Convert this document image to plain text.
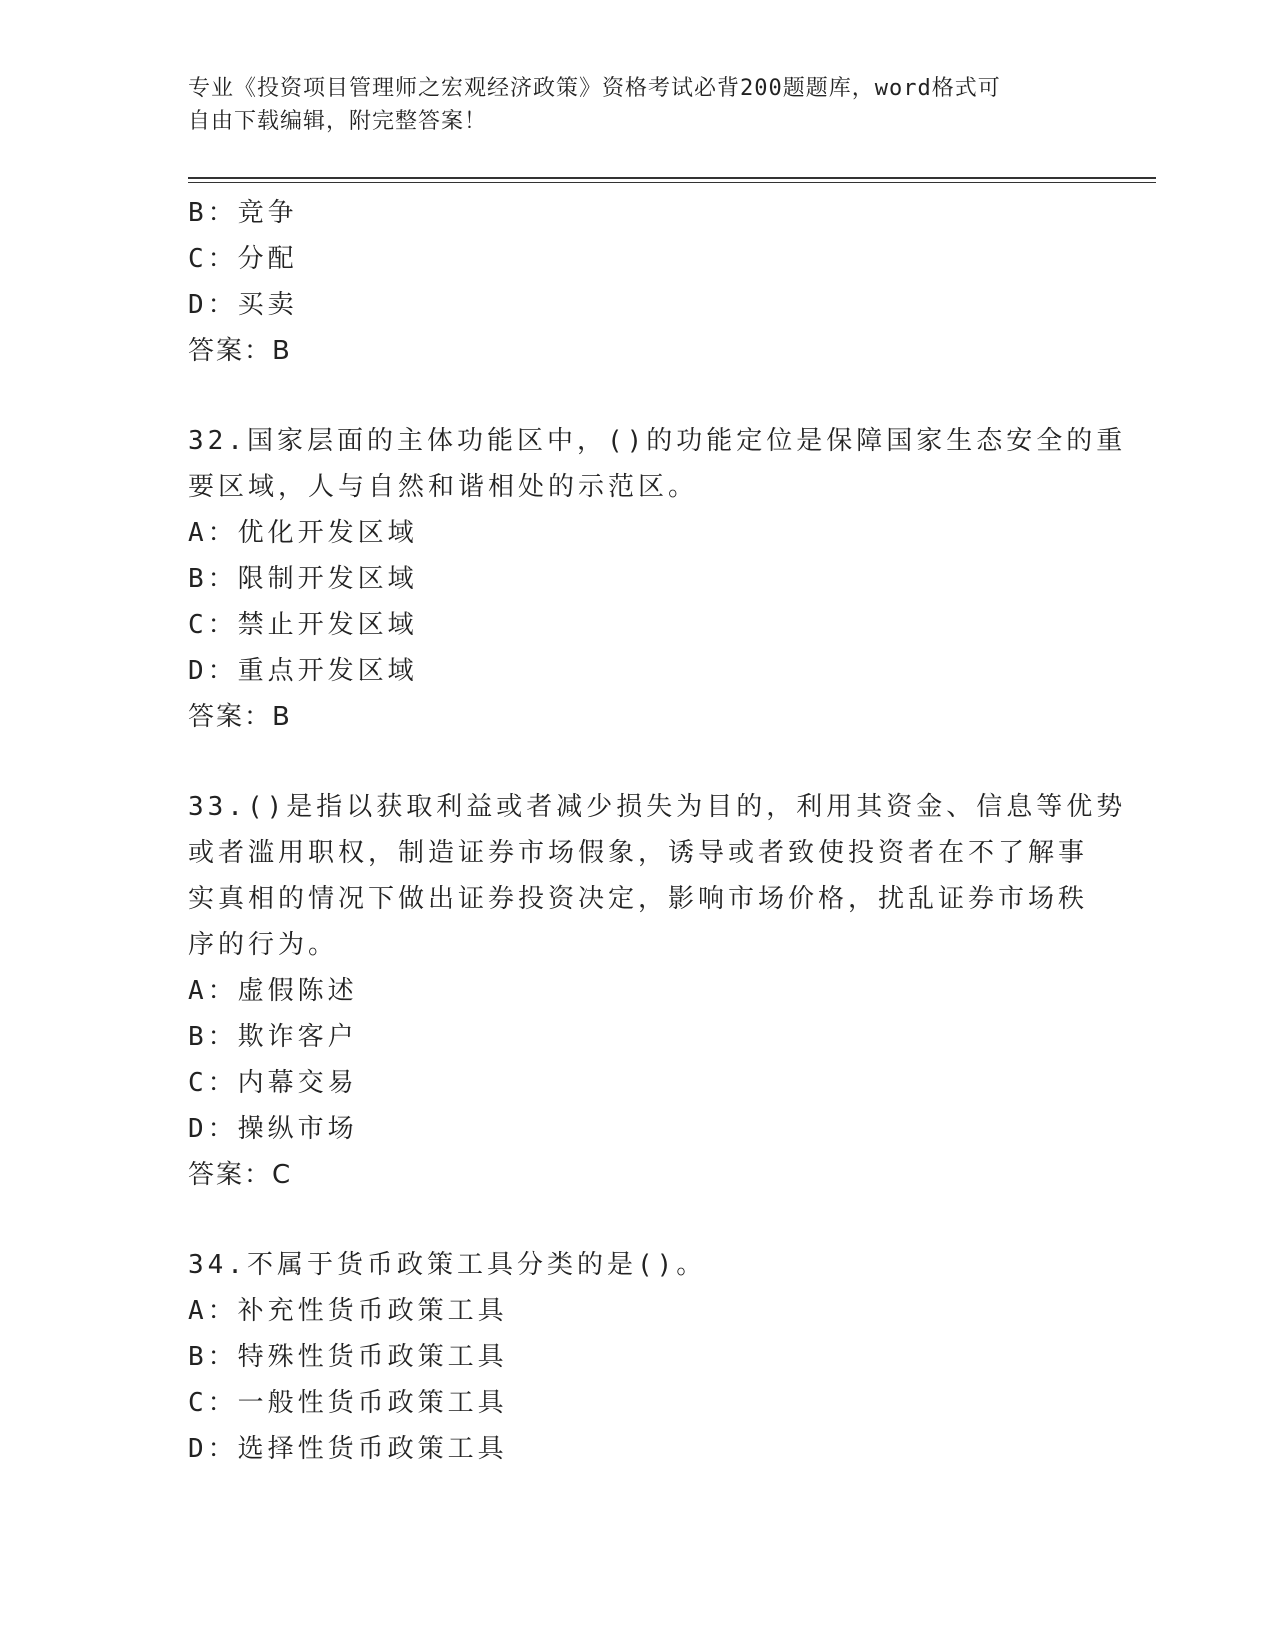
专业《投资项目管理师之宏观经济政策》资格考试必背200题题库，word格式可
自由下载编辑，附完整答案！
B：竞争
C：分配
D：买卖
答案：B
32.国家层面的主体功能区中，()的功能定位是保障国家生态安全的重
要区域，人与自然和谐相处的示范区。
A：优化开发区域
B：限制开发区域
C：禁止开发区域
D：重点开发区域
答案：B
33.()是指以获取利益或者减少损失为目的，利用其资金、信息等优势
或者滥用职权，制造证券市场假象，诱导或者致使投资者在不了解事
实真相的情况下做出证券投资决定，影响市场价格，扰乱证券市场秩
序的行为。
A：虚假陈述
B：欺诈客户
C：内幕交易
D：操纵市场
答案：C
34.不属于货币政策工具分类的是()。
A：补充性货币政策工具
B：特殊性货币政策工具
C：一般性货币政策工具
D：选择性货币政策工具
